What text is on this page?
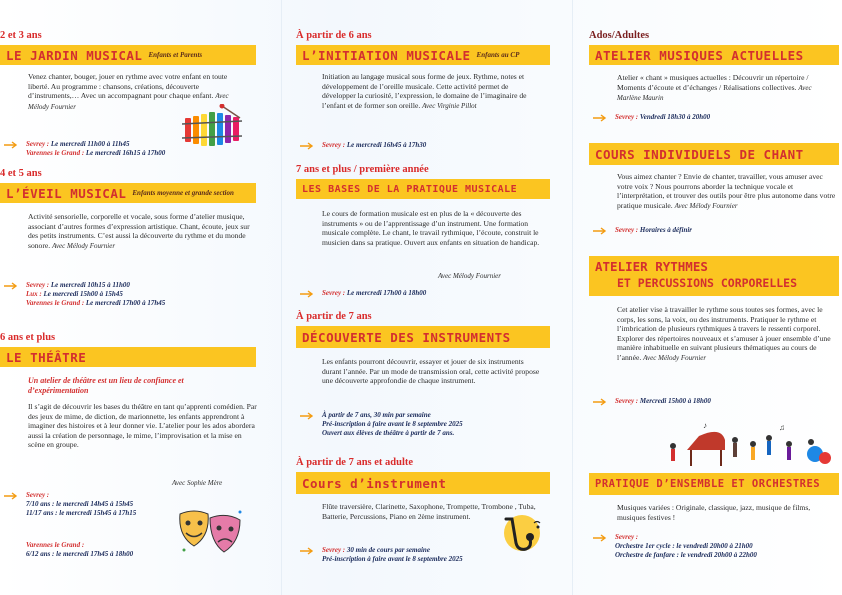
2 et 3 ans
LE JARDIN MUSICAL Enfants et Parents
Venez chanter, bouger, jouer en rythme avec votre enfant en toute liberté. Au programme : chansons, créations, découverte d’instruments,… Avec un accompagnant pour chaque enfant. Avec Mélody Fournier
Sevrey : Le mercredi 11h00 à 11h45
Varennes le Grand : Le mercredi 16h15 à 17h00
4 et 5 ans
L’ÉVEIL MUSICAL Enfants moyenne et grande section
Activité sensorielle, corporelle et vocale, sous forme d’atelier musique, associant d’autres formes d’expression artistique. Chant, écoute, jeux sur des petits instruments. C’est aussi la découverte du rythme et du monde sonore. Avec Mélody Fournier
Sevrey : Le mercredi 10h15 à 11h00
Lux : Le mercredi 15h00 à 15h45
Varennes le Grand : Le mercredi 17h00 à 17h45
6 ans et plus
LE THÉÂTRE
Un atelier de théâtre est un lieu de confiance et d’expérimentation
Il s’agit de découvrir les bases du théâtre en tant qu’apprenti comédien. Par des jeux de mime, de diction, de marionnette, les enfants apprendront à imaginer des histoires et à leur donner vie. L’atelier pour les ados abordera aussi la création de personnage, le mime, l’improvisation et la mise en scène en groupe.
Avec Sophie Mère
Sevrey :
7/10 ans : le mercredi 14h45 à 15h45
11/17 ans : le mercredi 15h45 à 17h15
Varennes le Grand :
6/12 ans : le mercredi 17h45 à 18h00
À partir de 6 ans
L’INITIATION MUSICALE Enfants au CP
Initiation au langage musical sous forme de jeux. Rythme, notes et développement de l’oreille musicale. Cette activité permet de développer la curiosité, l’expression, le domaine de l’imaginaire de l’enfant et de former son oreille. Avec Virginie Pillot
Sevrey : Le mercredi 16h45 à 17h30
7 ans et plus / première année
LES BASES DE LA PRATIQUE MUSICALE
Le cours de formation musicale est en plus de la « découverte des instruments » ou de l’apprentissage d’un instrument. Une formation musicale complète. Le chant, le travail rythmique, l’écoute, construit le musicien dans sa pratique. Ouvert aux enfants en situation de handicap.
Avec Mélody Fournier
Sevrey : Le mercredi 17h00 à 18h00
À partir de 7 ans
DÉCOUVERTE DES INSTRUMENTS
Les enfants pourront découvrir, essayer et jouer de six instruments durant l’année. Par un mode de transmission oral, cette activité propose une découverte approfondie de chaque instrument.
À partir de 7 ans, 30 min par semaine
Pré-inscription à faire avant le 8 septembre 2025
Ouvert aux élèves de théâtre à partir de 7 ans.
À partir de 7 ans et adulte
Cours d’instrument
Flûte traversière, Clarinette, Saxophone, Trompette, Trombone , Tuba, Batterie, Percussions, Piano en 2ème instrument.
Sevrey : 30 min de cours par semaine
Pré-inscription à faire avant le 8 septembre 2025
Ados/Adultes
ATELIER MUSIQUES ACTUELLES
Atelier « chant » musiques actuelles : Découvrir un répertoire / Moments d’écoute et d’échanges / Réalisations collectives. Avec Marlène Maurin
Sevrey : Vendredi 18h30 à 20h00
COURS INDIVIDUELS DE CHANT
Vous aimez chanter ? Envie de chanter, travailler, vous amuser avec votre voix ? Nous pourrons aborder la technique vocale et l’interprétation, et trouver des outils pour être plus autonome dans votre pratique musicale. Avec Mélody Fournier
Sevrey : Horaires à définir
ATELIER RYTHMES
ET PERCUSSIONS CORPORELLES
Cet atelier vise à travailler le rythme sous toutes ses formes, avec le corps, les sons, la voix, ou des instruments. Pratiquer le rythme et l’imbrication de plusieurs rythmiques à travers le ressenti corporel. Explorer des répertoires nouveaux et s’amuser à jouer ensemble d’une manière inhabituelle en suivant plusieurs thématiques au cours de l’année. Avec Mélody Fournier
Sevrey : Mercredi 15h00 à 18h00
♪	♫
PRATIQUE D’ENSEMBLE ET ORCHESTRES
Musiques variées : Originale, classique, jazz, musique de films, musiques festives !
Sevrey :
Orchestre 1er cycle : le vendredi 20h00 à 21h00
Orchestre de fanfare : le vendredi 20h00 à 22h00
